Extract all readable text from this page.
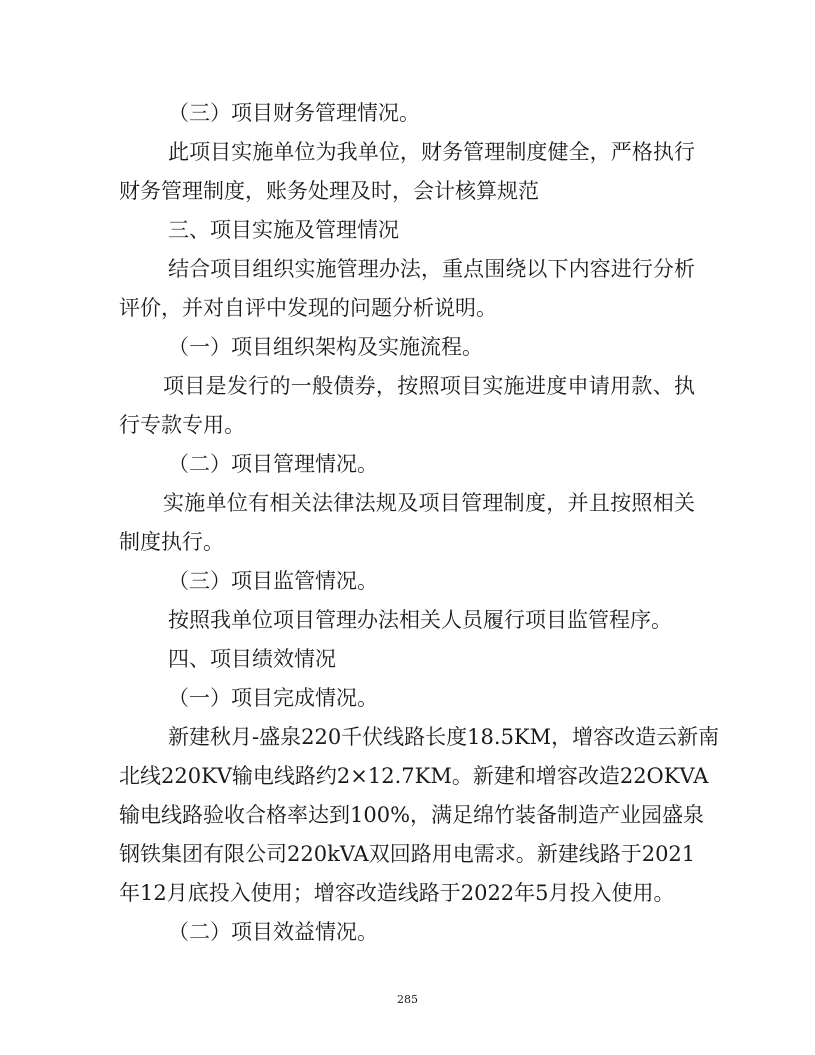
（三）项目财务管理情况。
此项目实施单位为我单位，财务管理制度健全，严格执行
财务管理制度，账务处理及时，会计核算规范
三、项目实施及管理情况
结合项目组织实施管理办法，重点围绕以下内容进行分析
评价，并对自评中发现的问题分析说明。
（一）项目组织架构及实施流程。
项目是发行的一般债券，按照项目实施进度申请用款、执
行专款专用。
（二）项目管理情况。
实施单位有相关法律法规及项目管理制度，并且按照相关
制度执行。
（三）项目监管情况。
按照我单位项目管理办法相关人员履行项目监管程序。
四、项目绩效情况
（一）项目完成情况。
新建秋月-盛泉220千伏线路长度18.5KM，增容改造云新南
北线220KV输电线路约2×12.7KM。新建和增容改造22OKVA
输电线路验收合格率达到100%，满足绵竹装备制造产业园盛泉
钢铁集团有限公司220kVA双回路用电需求。新建线路于2021
年12月底投入使用；增容改造线路于2022年5月投入使用。
（二）项目效益情况。
285
